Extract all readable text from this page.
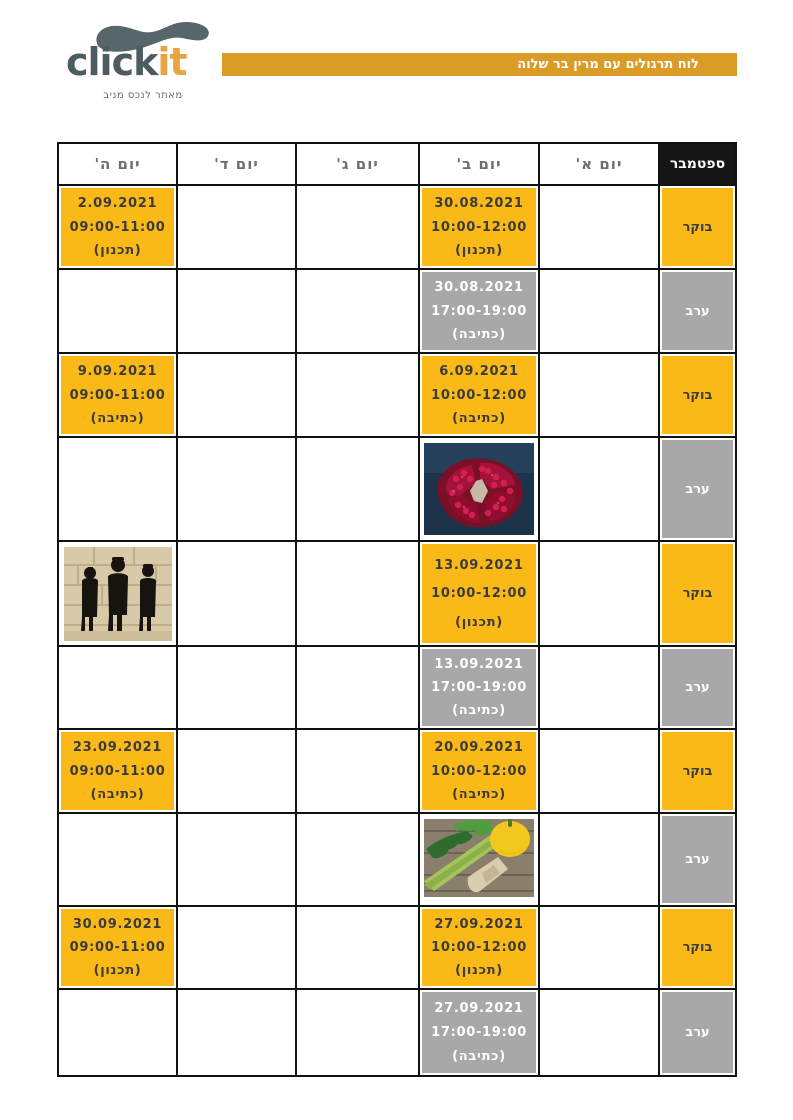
clickit
מאתר לנכס מניב
לוח תרגולים עם מרין בר שלוה
ספטמבר
יום א'
יום ב'
יום ג'
יום ד'
יום ה'
בוקר
30.08.2021
10:00-12:00
(תכנון)
2.09.2021
09:00-11:00
(תכנון)
ערב
30.08.2021
17:00-19:00
(כתיבה)
בוקר
6.09.2021
10:00-12:00
(כתיבה)
9.09.2021
09:00-11:00
(כתיבה)
ערב
בוקר
13.09.2021
10:00-12:00
(תכנון)
ערב
13.09.2021
17:00-19:00
(כתיבה)
בוקר
20.09.2021
10:00-12:00
(כתיבה)
23.09.2021
09:00-11:00
(כתיבה)
ערב
בוקר
27.09.2021
10:00-12:00
(תכנון)
30.09.2021
09:00-11:00
(תכנון)
ערב
27.09.2021
17:00-19:00
(כתיבה)
